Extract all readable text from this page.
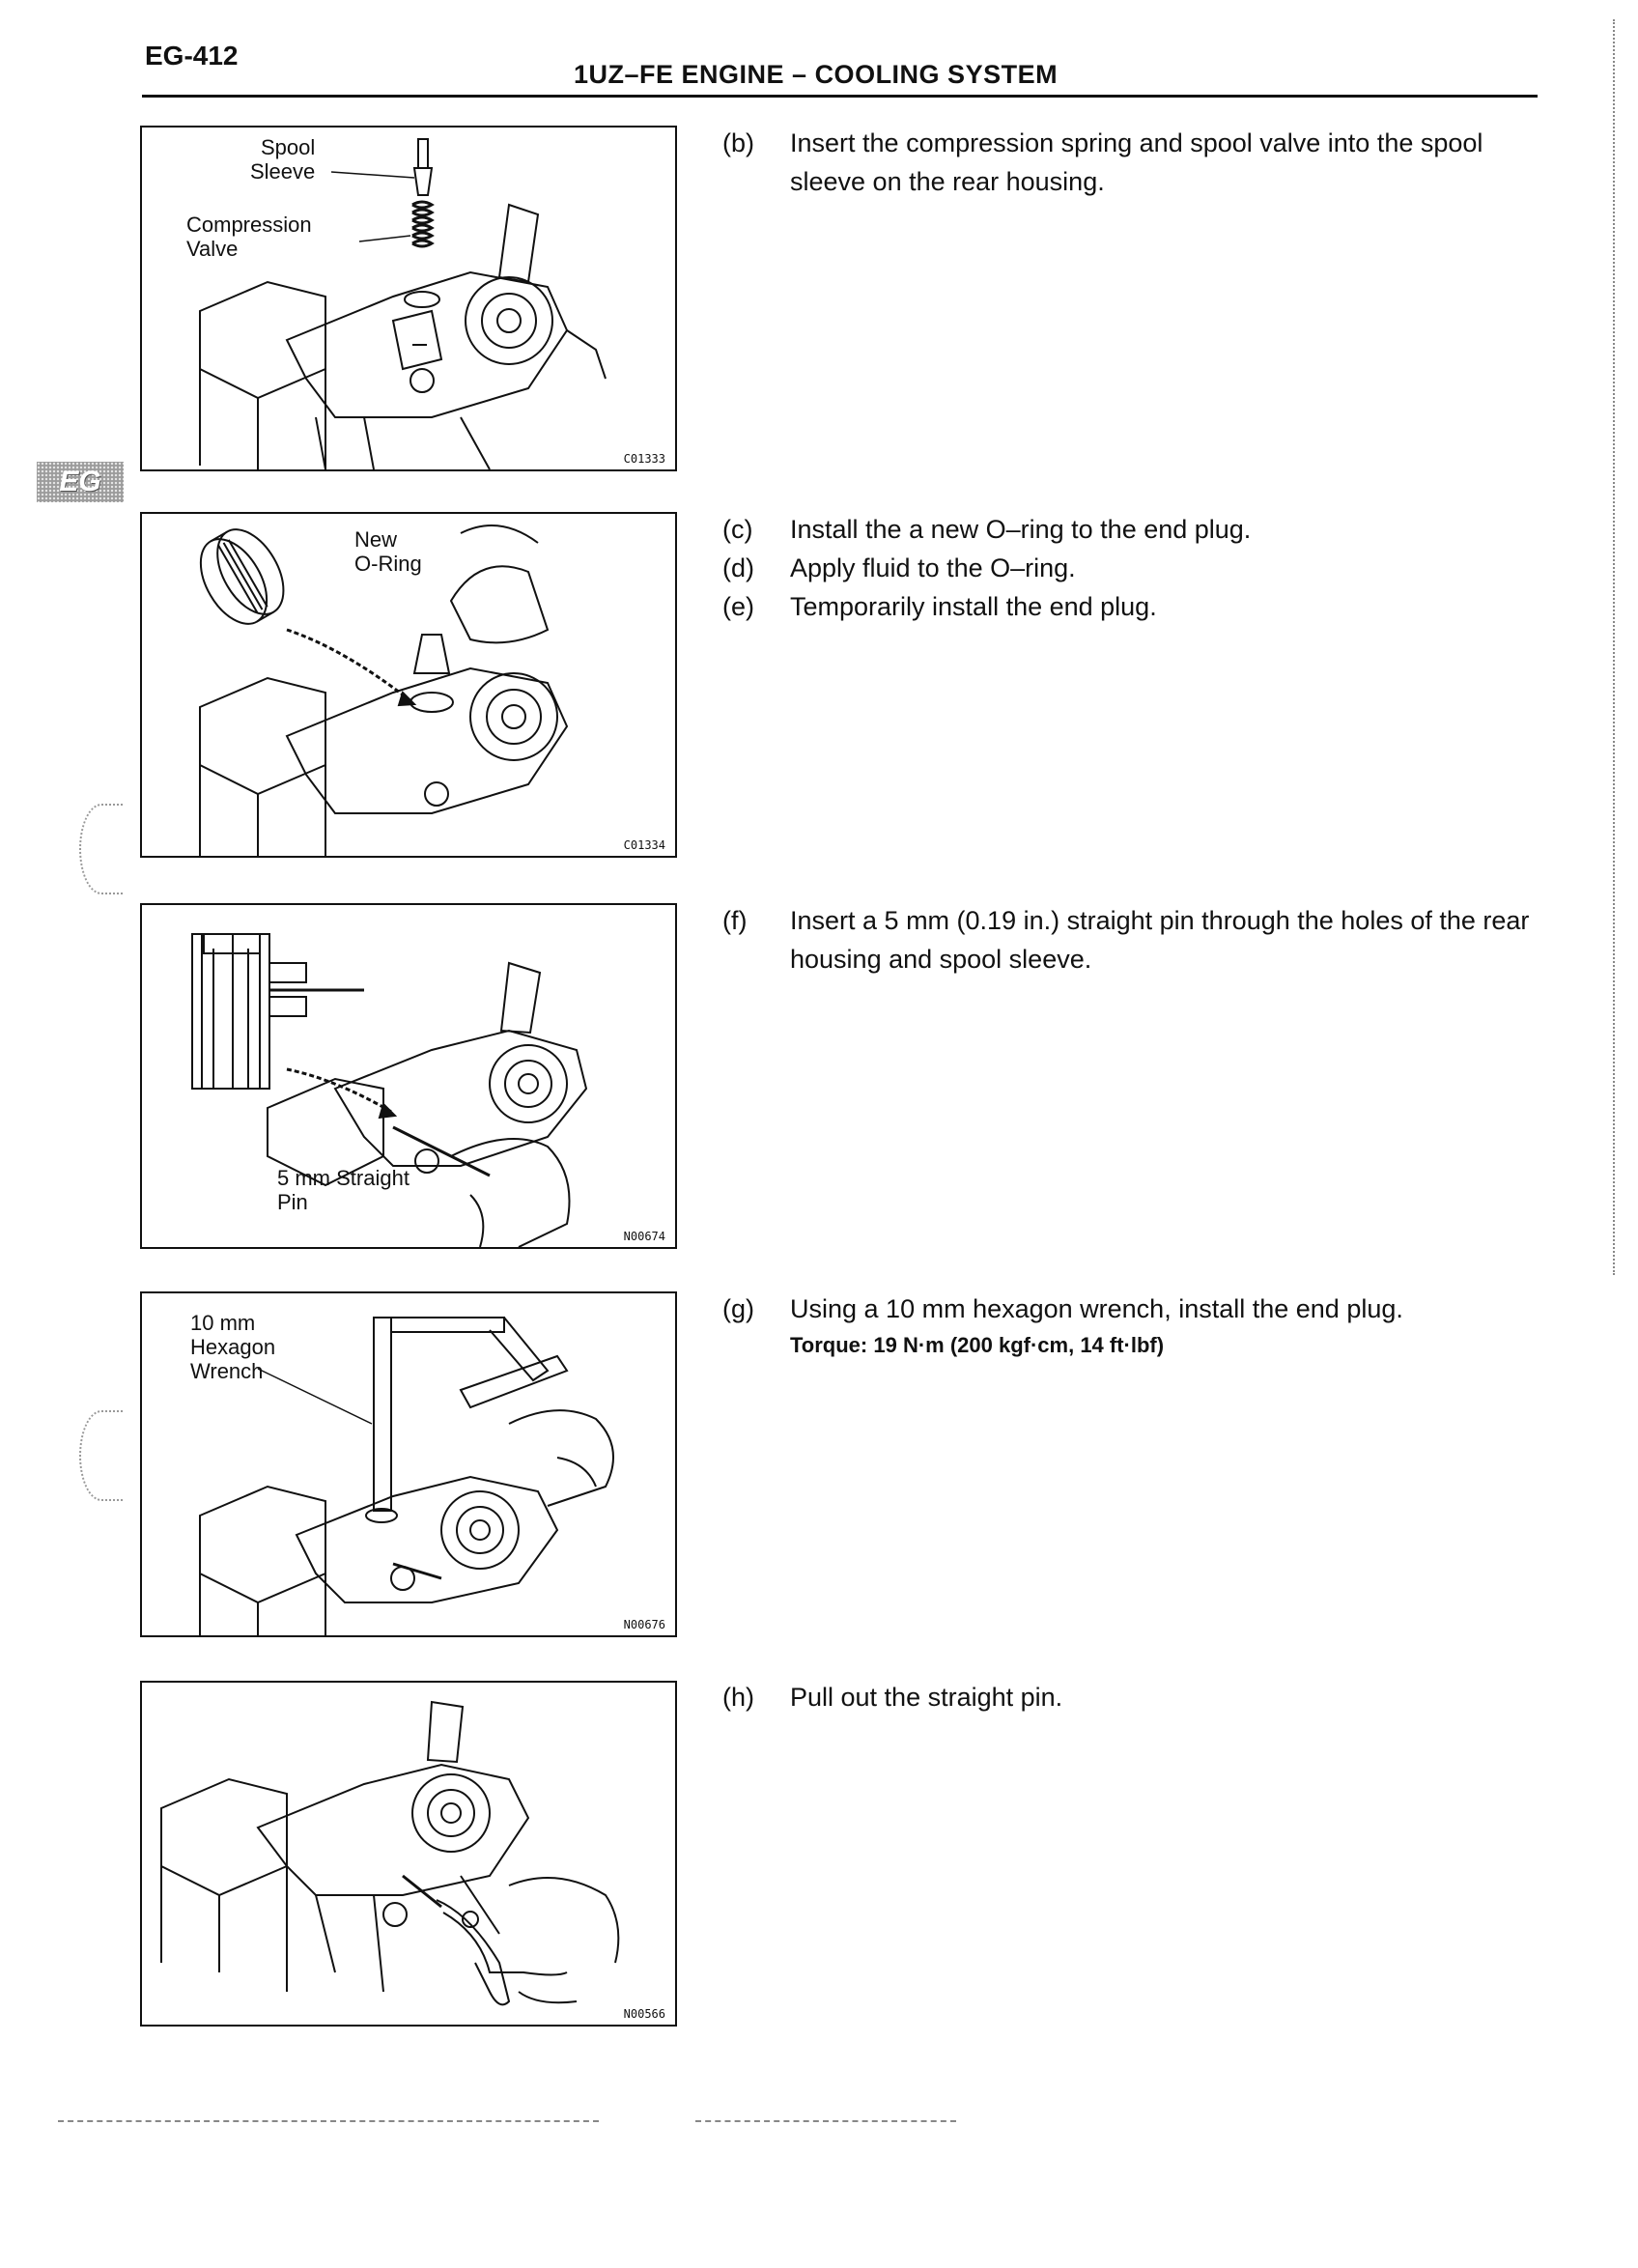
EG-412
1UZ–FE ENGINE – COOLING SYSTEM
EG
Spool
Sleeve
Compression
Valve
C01333
New
O-Ring
C01334
5 mm Straight
Pin
N00674
10 mm
Hexagon
Wrench
N00676
N00566
(b) Insert the compression spring and spool valve into the spool sleeve on the rear housing.
(c) Install the a new O–ring to the end plug.
(d) Apply fluid to the O–ring.
(e) Temporarily install the end plug.
(f) Insert a 5 mm (0.19 in.) straight pin through the holes of the rear housing and spool sleeve.
(g) Using a 10 mm hexagon wrench, install the end plug.
Torque: 19 N·m (200 kgf·cm, 14 ft·lbf)
(h) Pull out the straight pin.
